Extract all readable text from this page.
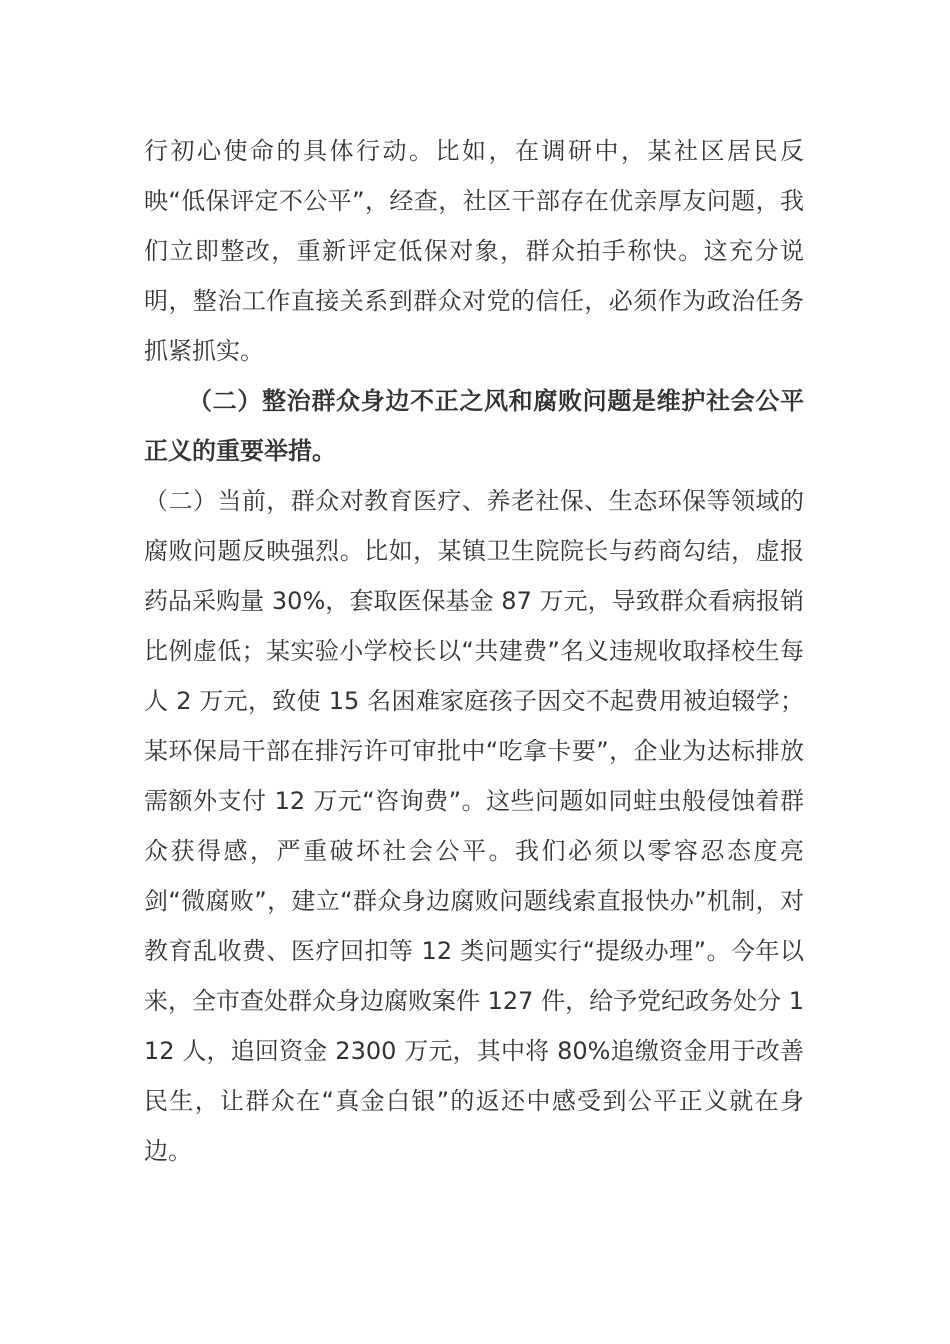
行初心使命的具体行动。比如，在调研中，某社区居民反映“低保评定不公平”，经查，社区干部存在优亲厚友问题，我们立即整改，重新评定低保对象，群众拍手称快。这充分说明，整治工作直接关系到群众对党的信任，必须作为政治任务抓紧抓实。

（二）整治群众身边不正之风和腐败问题是维护社会公平正义的重要举措。

（二）当前，群众对教育医疗、养老社保、生态环保等领域的腐败问题反映强烈。比如，某镇卫生院院长与药商勾结，虚报药品采购量 30%，套取医保基金 87 万元，导致群众看病报销比例虚低；某实验小学校长以“共建费”名义违规收取择校生每人 2 万元，致使 15 名困难家庭孩子因交不起费用被迫辍学；某环保局干部在排污许可审批中“吃拿卡要”，企业为达标排放需额外支付 12 万元“咨询费”。这些问题如同蛀虫般侵蚀着群众获得感，严重破坏社会公平。我们必须以零容忍态度亮剑“微腐败”，建立“群众身边腐败问题线索直报快办”机制，对教育乱收费、医疗回扣等 12 类问题实行“提级办理”。今年以来，全市查处群众身边腐败案件 127 件，给予党纪政务处分 112 人，追回资金 2300 万元，其中将 80%追缴资金用于改善民生，让群众在“真金白银”的返还中感受到公平正义就在身边。
